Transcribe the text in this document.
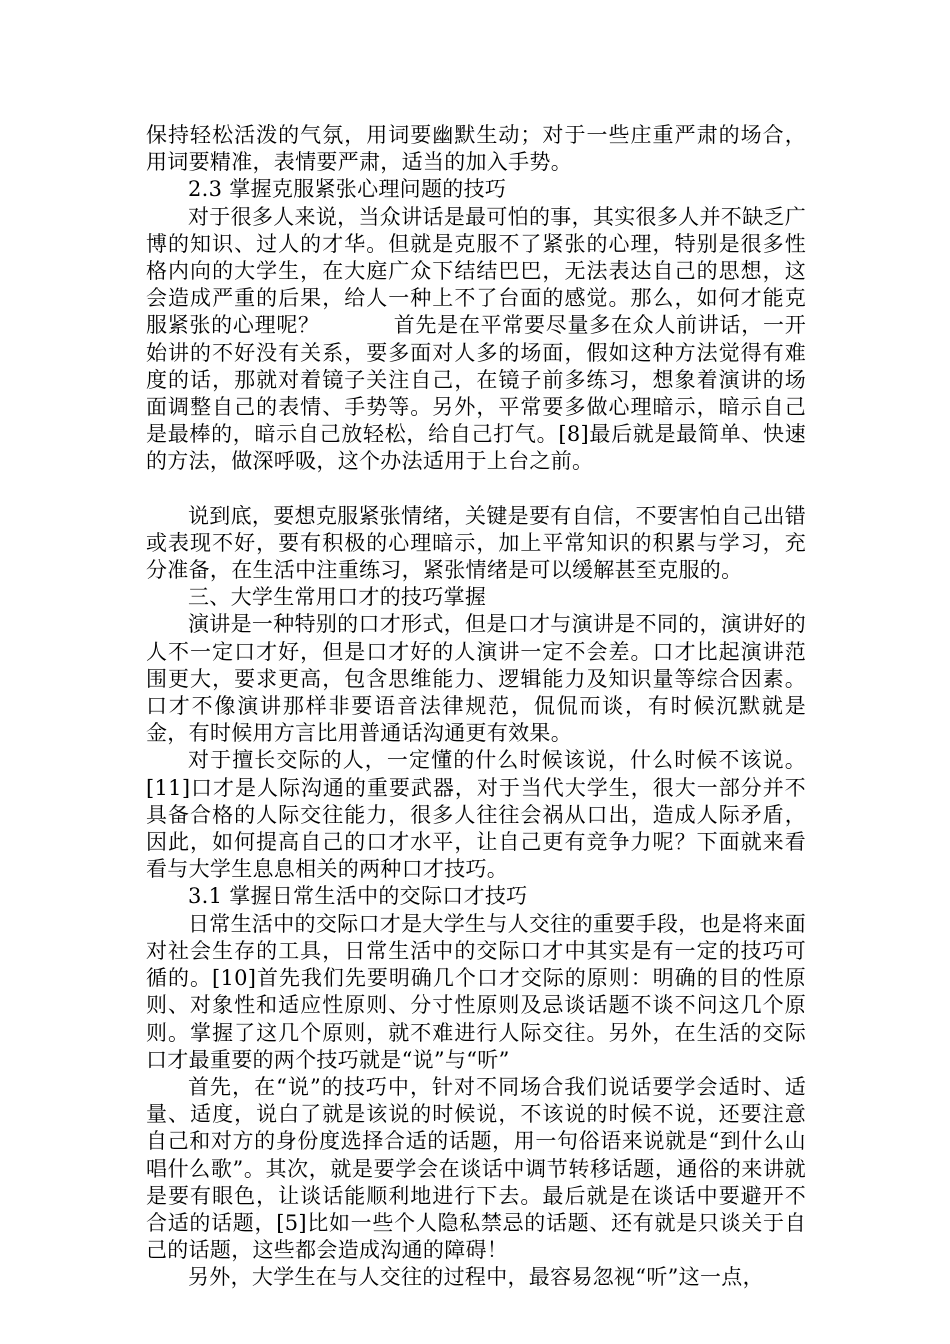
保持轻松活泼的气氛，用词要幽默生动；对于一些庄重严肃的场合，用词要精准，表情要严肃，适当的加入手势。

2.3 掌握克服紧张心理问题的技巧

对于很多人来说，当众讲话是最可怕的事，其实很多人并不缺乏广博的知识、过人的才华。但就是克服不了紧张的心理，特别是很多性格内向的大学生，在大庭广众下结结巴巴，无法表达自己的思想，这会造成严重的后果，给人一种上不了台面的感觉。那么，如何才能克服紧张的心理呢？          首先是在平常要尽量多在众人前讲话，一开始讲的不好没有关系，要多面对人多的场面，假如这种方法觉得有难度的话，那就对着镜子关注自己，在镜子前多练习，想象着演讲的场面调整自己的表情、手势等。另外，平常要多做心理暗示，暗示自己是最棒的，暗示自己放轻松，给自己打气。[8]最后就是最简单、快速的方法，做深呼吸，这个办法适用于上台之前。

说到底，要想克服紧张情绪，关键是要有自信，不要害怕自己出错或表现不好，要有积极的心理暗示，加上平常知识的积累与学习，充分准备，在生活中注重练习，紧张情绪是可以缓解甚至克服的。

三、大学生常用口才的技巧掌握

演讲是一种特别的口才形式，但是口才与演讲是不同的，演讲好的人不一定口才好，但是口才好的人演讲一定不会差。口才比起演讲范围更大，要求更高，包含思维能力、逻辑能力及知识量等综合因素。口才不像演讲那样非要语音法律规范，侃侃而谈，有时候沉默就是金，有时候用方言比用普通话沟通更有效果。

对于擅长交际的人，一定懂的什么时候该说，什么时候不该说。[11]口才是人际沟通的重要武器，对于当代大学生，很大一部分并不具备合格的人际交往能力，很多人往往会祸从口出，造成人际矛盾，因此，如何提高自己的口才水平，让自己更有竞争力呢？下面就来看看与大学生息息相关的两种口才技巧。

3.1 掌握日常生活中的交际口才技巧

日常生活中的交际口才是大学生与人交往的重要手段，也是将来面对社会生存的工具，日常生活中的交际口才中其实是有一定的技巧可循的。[10]首先我们先要明确几个口才交际的原则：明确的目的性原则、对象性和适应性原则、分寸性原则及忌谈话题不谈不问这几个原则。掌握了这几个原则，就不难进行人际交往。另外，在生活的交际口才最重要的两个技巧就是“说”与“听”

首先，在“说”的技巧中，针对不同场合我们说话要学会适时、适量、适度，说白了就是该说的时候说，不该说的时候不说，还要注意自己和对方的身份度选择合适的话题，用一句俗语来说就是“到什么山唱什么歌”。其次，就是要学会在谈话中调节转移话题，通俗的来讲就是要有眼色，让谈话能顺利地进行下去。最后就是在谈话中要避开不合适的话题，[5]比如一些个人隐私禁忌的话题、还有就是只谈关于自己的话题，这些都会造成沟通的障碍！

另外，大学生在与人交往的过程中，最容易忽视“听”这一点，
